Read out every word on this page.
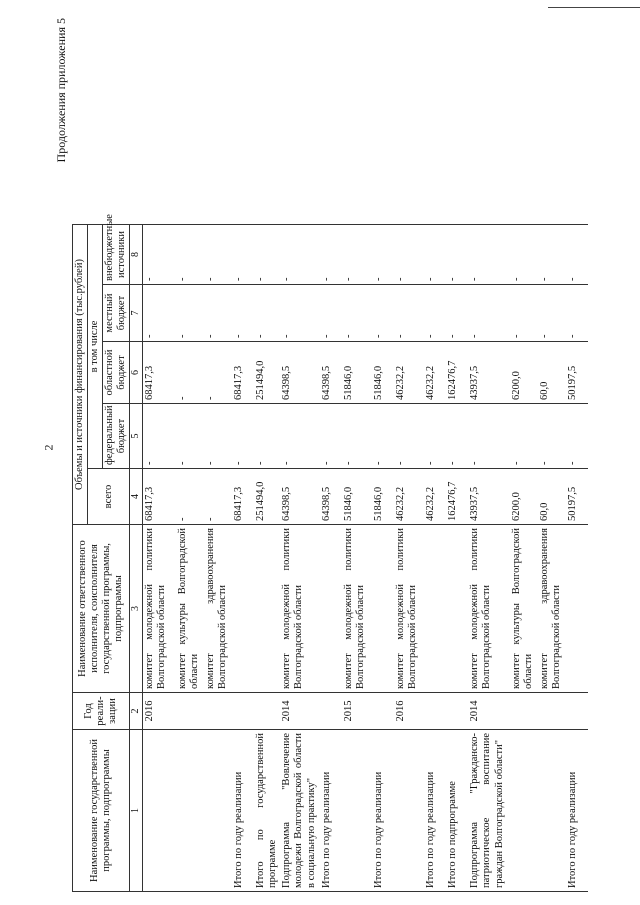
2
Продолжения приложения 5
Наименование государственной программы, подпрограммы	Год реали-зации	Наименование ответственного исполнителя, соисполнителя государственной программы, подпрограммы	Объемы и источники финансирования (тыс.рублей)					
			всего	в том числе				
				федеральный бюджет	областной бюджет	местный бюджет	внебюджетные источники	
1	2	3	4	5	6	7	8	
	2016	комитет молодежной политики Волгоградской области	68417,3	-	68417,3	-	-	
		комитет культуры Волгоградской области	-	-	-	-	-	
		комитет здравоохранения Волгоградской области	-	-	-	-	-	
Итого по году реализации			68417,3	-	68417,3	-	-	
Итого по государственной программе			251494,0	-	251494,0	-	-	
Подпрограмма "Вовлечение молодежи Волгоградской области в социальную практику"	2014	комитет молодежной политики Волгоградской области	64398,5	-	64398,5	-	-	
Итого по году реализации			64398,5	-	64398,5	-	-	
	2015	комитет молодежной политики Волгоградской области	51846,0	-	51846,0	-	-	
Итого по году реализации			51846,0	-	51846,0	-	-	
	2016	комитет молодежной политики Волгоградской области	46232,2	-	46232,2	-	-	
Итого по году реализации			46232,2	-	46232,2	-	-	
Итого по подпрограмме			162476,7	-	162476,7	-	-	
Подпрограмма "Гражданско-патриотическое воспитание граждан Волгоградской области"	2014	комитет молодежной политики Волгоградской области	43937,5	-	43937,5	-	-	
		комитет культуры Волгоградской области	6200,0	-	6200,0	-	-	
		комитет здравоохранения Волгоградской области	60,0	-	60,0	-	-	
Итого по году реализации			50197,5	-	50197,5	-	-	
